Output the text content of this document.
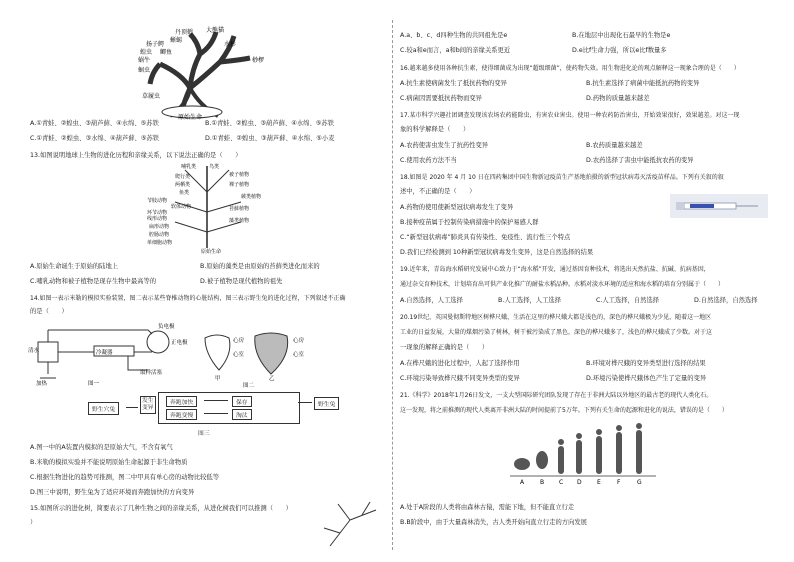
丹顶鹤
蜥蜴
大熊猫
水杉
扬子鳄
蝗虫 鲫鱼
蜗牛
蛔虫
桫椤
草履虫
原始生命
A.①青蛙、②蝗虫、③葫芦藓、④水绵、⑤苏铁	B.①青蛙、②蝗虫、③葫芦藓、④水绵、⑤苏铁
C.①青蛙、②蝗虫、③水绵、④葫芦藓、⑤苏铁	D.①青蛙、②蝗虫、③葫芦藓、④水绵、⑤小麦
13.如图说明地球上生物的进化历程和亲缘关系，以下说法正确的是（　　）
哺乳类	鸟类
爬行类
两栖类
鱼类
被子植物
裸子植物
蕨类植物
苔藓植物
藻类植物
节肢动物
软体动物
环节动物
线形动物
扁形动物
腔肠动物
单细胞动物
原始生命
A.原始生命诞生于原始的陆地上	B.原始的藻类是由原始的苔藓类进化而来的
C.哺乳动物和被子植物是现存生物中最高等的	D.被子植物是现代植物的祖先
14.如图一表示米勒的模拟实验装置，图二表示某些脊椎动物的心脏结构，图三表示野生兔的进化过程，下列叙述不正确
的是（　　）
负电极
正电极
冷凝器
清水
加热
取样活塞
图一
心房
心室
心房
心室
甲	乙
图二
野生穴兔
发生变异
奔跑加快	保存
奔跑变慢	淘汰
野生兔
图三
A.图一中的A装置内模拟的是原始大气，不含有氧气
B.米勒的模拟实验并不能说明原始生命起源于非生命物质
C.根据生物进化的趋势可推测，图二中甲具有单心房的动物比较低等
D.图三中说明，野生兔为了适应环境而奔跑加快的方向变异
15.如图所示的进化树，简要表示了几种生物之间的亲缘关系，从进化树我们可以推测（　　）
）
A.a、b、c、d四种生物的共同祖先是e	B.在地层中出现化石最早的生物是e
C.较a和e而言，a和b间的亲缘关系更近	D.e比f生命力强，所以e比f数量多
16.越来越多使用各种抗生素，使得细菌成为出现“超级细菌”，使药物失效。用生物进化论的观点解释这一现象合理的是（　　）
A.抗生素使病菌发生了抵抗药物的变异	B.抗生素选择了病菌中能抵抗药物的变异
C.病菌因需要抵抗药物而变异	D.药物的质量越来越差
17.某市科学兴趣社团调查发现该农场农药能除虫，有害农业害虫。使用一种农药防治害虫，开始效果很好，效果越差。对这一现
象的科学解释是（　　）
A.农药使害虫发生了抗药性变异	B.农药质量越来越差
C.使用农药方法不当	D.农药选择了害虫中能抵抗农药的变异
18.如图是 2020 年 4 月 10 日在四药集团中国生物新冠疫苗生产基地拍摄的新型冠状病毒灭活疫苗样品。下列有关叙的叙
述中，不正确的是（　　）
A.药物的使用使新型冠状病毒发生了变异
B.接种疫苗属于控制传染病措施中的保护易感人群
C.“新型冠状病毒”肺炎具有传染性、免疫性、流行性三个特点
D.我们已经检测到 10种新型冠状病毒发生变异，这是自然选择的结果
19.近年来，青岛海水稻研究发展中心致力于“海水稻”开发，通过基因育种技术，将选出天然抗盐、抗碱、抗病基因，
通过杂交育种技术，计划培育出可供产业化推广的耐盐水稻品种。水稻对淡水环境的适应和海水稻的培育分别属于（　　）
A.自然选择，人工选择	B.人工选择，人工选择	C.人工选择，自然选择	D.自然选择，自然选择
20.19世纪，英国曼彻斯特地区树桦尺蛾，生活在这里的桦尺蛾大都是浅色的，深色的桦尺蛾极为少见，随着这一地区
工业的日益发展，大量的煤烟污染了树林，树干被污染成了黑色，深色的桦尺蛾多了，浅色的桦尺蛾成了少数。对于这
一现象的解释正确的是（　　）
A.在桦尺蛾的进化过程中，人起了选择作用	B.环境对桦尺蛾的变异类型进行选择的结果
C.环境污染导致桦尺蛾不同变异类型的变异	D.环境污染使桦尺蛾体色产生了定量的变异
21.《科学》2018年1月26日发文，一支大型国际研究团队发现了存在于非洲大陆以外地区的最古老的现代人类化石。
这一发现，将之前推测的现代人类离开非洲大陆的时间提前了5万年。下列有关生命的起源和进化的说法，错误的是（　　）
A	B C D	E	F	G
A.处于A阶段的人类将由森林古猿，需能下地，但不能直立行走
B.B阶段中，由于大量森林消失，古人类开始向直立行走的方向发展
